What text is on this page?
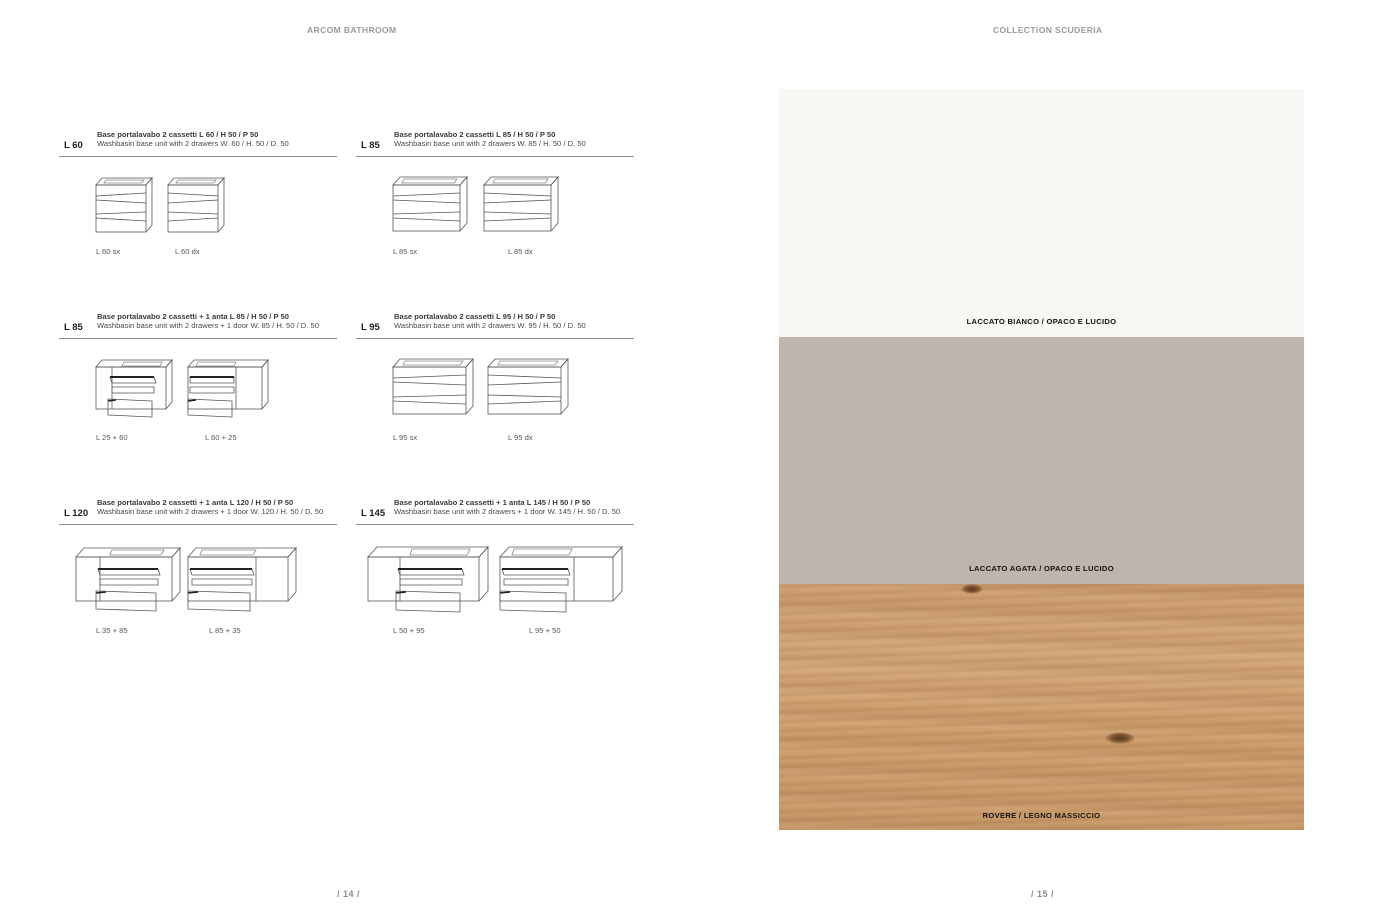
ARCOM BATHROOM	COLLECTION SCUDERIA
L 60
Base portalavabo 2 cassetti L 60 / H 50 / P 50
Washbasin base unit with 2 drawers W. 60 / H. 50 / D. 50
L 60 sx	L 60 dx
L 85
Base portalavabo 2 cassetti L 85 / H 50 / P 50
Washbasin base unit with 2 drawers W. 85 / H. 50 / D. 50
L 85 sx	L 85 dx
L 85
Base portalavabo 2 cassetti + 1 anta L 85 / H 50 / P 50
Washbasin base unit with 2 drawers + 1 door W. 85 / H. 50 / D. 50
L 25 + 60	L 60 + 25
L 95
Base portalavabo 2 cassetti L 95 / H 50 / P 50
Washbasin base unit with 2 drawers W. 95 / H. 50 / D. 50
L 95 sx	L 95 dx
L 120
Base portalavabo 2 cassetti + 1 anta L 120 / H 50 / P 50
Washbasin base unit with 2 drawers + 1 door W. 120 / H. 50 / D. 50
L 35 + 85	L 85 + 35
L 145
Base portalavabo 2 cassetti + 1 anta L 145 / H 50 / P 50
Washbasin base unit with 2 drawers + 1 door W. 145 / H. 50 / D. 50
L 50 + 95	L 95 + 50
LACCATO BIANCO / OPACO E LUCIDO
LACCATO AGATA / OPACO E LUCIDO
ROVERE / LEGNO MASSICCIO
/ 14 /	/ 15 /
